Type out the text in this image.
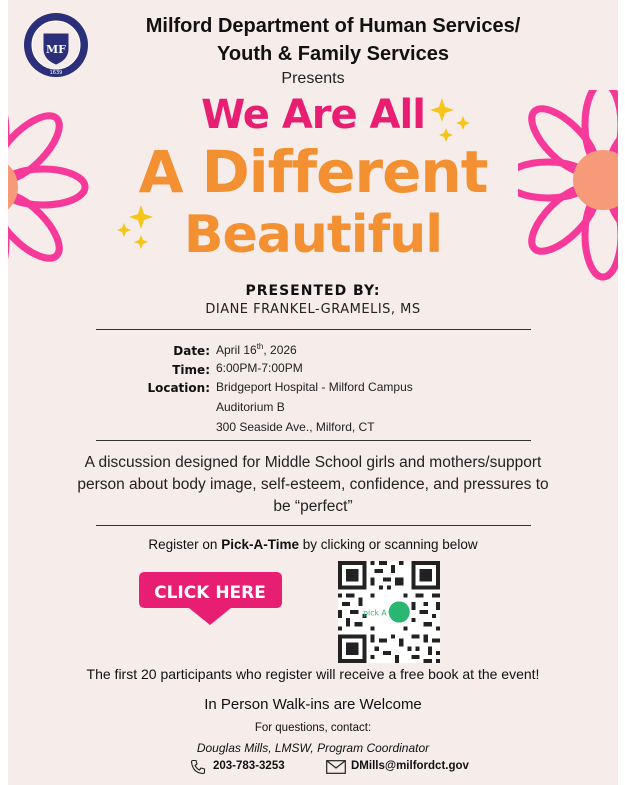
MF
1639
Milford Department of Human Services/
Youth & Family Services
Presents
We Are All
A Different
Beautiful
PRESENTED BY:
DIANE FRANKEL-GRAMELIS, MS
Date: April 16th, 2026
Time: 6:00PM-7:00PM
Location: Bridgeport Hospital - Milford Campus
Auditorium B
300 Seaside Ave., Milford, CT
A discussion designed for Middle School girls and mothers/support person about body image, self-esteem, confidence, and pressures to be “perfect”
Register on Pick-A-Time by clicking or scanning below
CLICK HERE
pick A time
The first 20 participants who register will receive a free book at the event!
In Person Walk-ins are Welcome
For questions, contact:
Douglas Mills, LMSW, Program Coordinator
203-783-3253	DMills@milfordct.gov
